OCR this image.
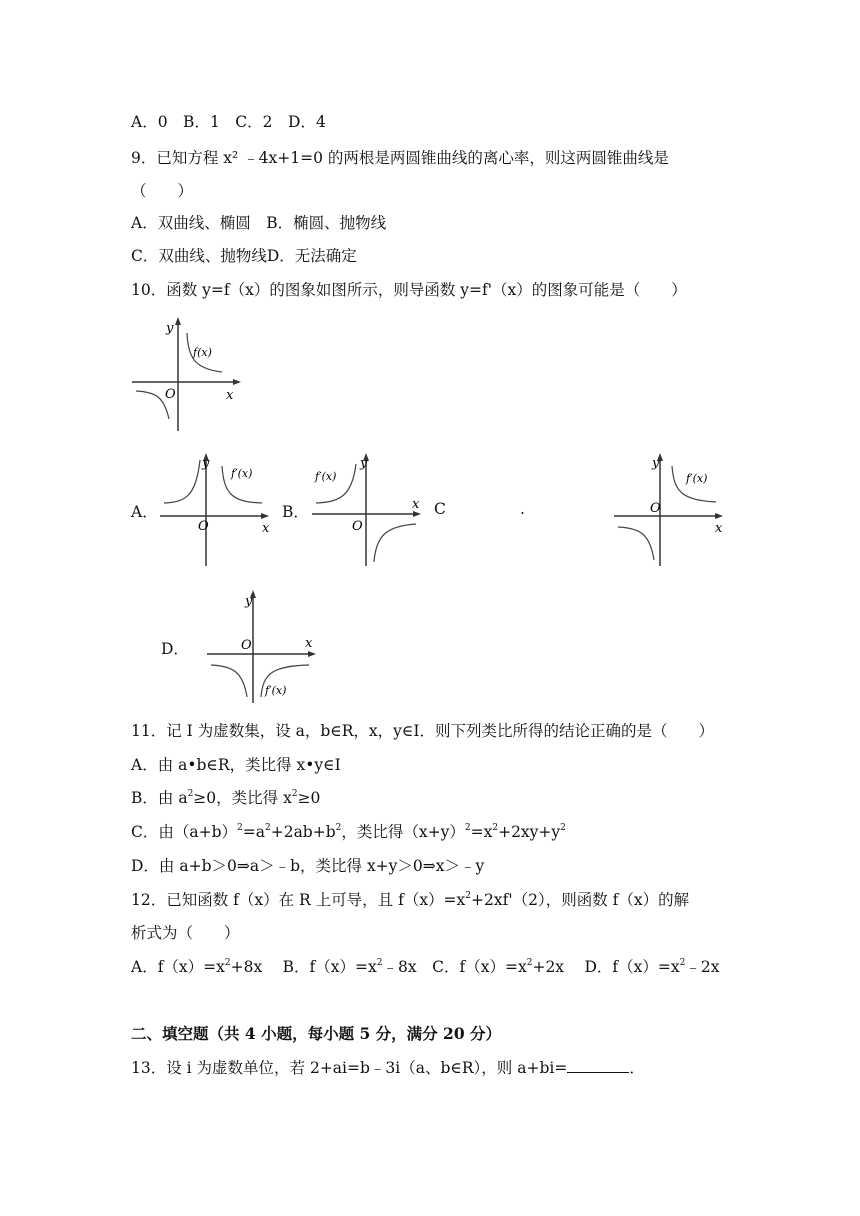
A．0　B．1　C．2　D．4
9．已知方程 x² ﹣4x+1=0 的两根是两圆锥曲线的离心率，则这两圆锥曲线是
（　　）
A．双曲线、椭圆　B．椭圆、抛物线
C．双曲线、抛物线D．无法确定
10．函数 y=f（x）的图象如图所示，则导函数 y=f'（x）的图象可能是（　　）
y
x
O
f(x)
A．
y
x
O
f′(x)
B．
y
x
O
f′(x)
C	.
y
x
O
f′(x)
D．
y
x
O
f′(x)
11．记 I 为虚数集，设 a，b∈R，x，y∈I．则下列类比所得的结论正确的是（　　）
A．由 a•b∈R，类比得 x•y∈I
B．由 $a^2\ge 0$，类比得 $x^2\ge 0$
C．由$(a+b)^2=a^2+2ab+b^2$，类比得$(x+y)^2=x^2+2xy+y^2$
D．由 a+b＞0⇒a＞﹣b，类比得 x+y＞0⇒x＞﹣y
12．已知函数 f（x）在 R 上可导，且 $f(x)=x^2+2xf'(2)$，则函数 f（x）的解
析式为（　　）
A．$f(x)=x^2+8x$　 B．$f(x)=x^2﹣8x$　 C．$f(x)=x^2+2x$　 D．$f(x)=x^2﹣2x$
二、填空题（共 4 小题，每小题 5 分，满分 20 分）
13．设 i 为虚数单位，若 2+ai=b﹣3i（a、b∈R），则 a+bi=	．
